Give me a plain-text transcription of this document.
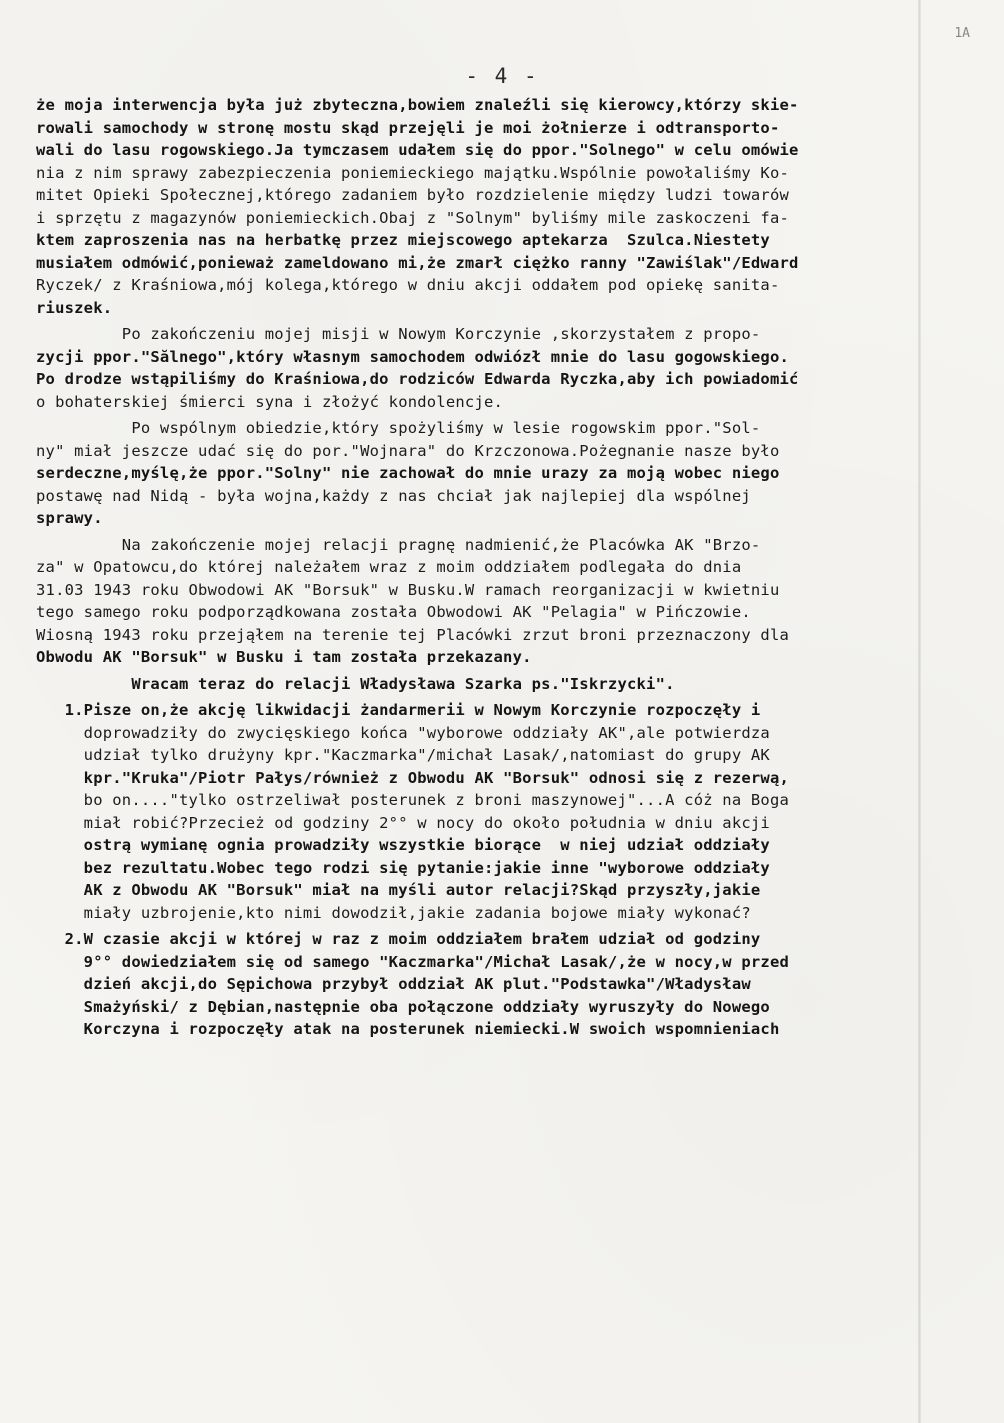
1A
- 4 -
że moja interwencja była już zbyteczna,bowiem znaleźli się kierowcy,którzy skie-
rowali samochody w stronę mostu skąd przejęli je moi żołnierze i odtransporto-
wali do lasu rogowskiego.Ja tymczasem udałem się do ppor."Solnego" w celu omówie
nia z nim sprawy zabezpieczenia poniemieckiego majątku.Wspólnie powołaliśmy Ko-
mitet Opieki Społecznej,którego zadaniem było rozdzielenie między ludzi towarów
i sprzętu z magazynów poniemieckich.Obaj z "Solnym" byliśmy mile zaskoczeni fa-
ktem zaproszenia nas na herbatkę przez miejscowego aptekarza  Szulca.Niestety
musiałem odmówić,ponieważ zameldowano mi,że zmarł ciężko ranny "Zawiślak"/Edward
Ryczek/ z Kraśniowa,mój kolega,którego w dniu akcji oddałem pod opiekę sanita-
riuszek.
Po zakończeniu mojej misji w Nowym Korczynie ,skorzystałem z propo-
zycji ppor."Sălnego",który własnym samochodem odwiózł mnie do lasu gogowskiego.
Po drodze wstąpiliśmy do Kraśniowa,do rodziców Edwarda Ryczka,aby ich powiadomić
o bohaterskiej śmierci syna i złożyć kondolencje.
Po wspólnym obiedzie,który spożyliśmy w lesie rogowskim ppor."Sol-
ny" miał jeszcze udać się do por."Wojnara" do Krzczonowa.Pożegnanie nasze było
serdeczne,myślę,że ppor."Solny" nie zachował do mnie urazy za moją wobec niego
postawę nad Nidą - była wojna,każdy z nas chciał jak najlepiej dla wspólnej
sprawy.
Na zakończenie mojej relacji pragnę nadmienić,że Placówka AK "Brzo-
za" w Opatowcu,do której należałem wraz z moim oddziałem podlegała do dnia
31.03 1943 roku Obwodowi AK "Borsuk" w Busku.W ramach reorganizacji w kwietniu
tego samego roku podporządkowana została Obwodowi AK "Pelagia" w Pińczowie.
Wiosną 1943 roku przejąłem na terenie tej Placówki zrzut broni przeznaczony dla
Obwodu AK "Borsuk" w Busku i tam została przekazany.
Wracam teraz do relacji Władysława Szarka ps."Iskrzycki".
1.Pisze on,że akcję likwidacji żandarmerii w Nowym Korczynie rozpoczęły i
doprowadziły do zwycięskiego końca "wyborowe oddziały AK",ale potwierdza
udział tylko drużyny kpr."Kaczmarka"/michał Lasak/,natomiast do grupy AK
kpr."Kruka"/Piotr Pałys/również z Obwodu AK "Borsuk" odnosi się z rezerwą,
bo on...."tylko ostrzeliwał posterunek z broni maszynowej"...A cóż na Boga
miał robić?Przecież od godziny 2°° w nocy do około południa w dniu akcji
ostrą wymianę ognia prowadziły wszystkie biorące  w niej udział oddziały
bez rezultatu.Wobec tego rodzi się pytanie:jakie inne "wyborowe oddziały
AK z Obwodu AK "Borsuk" miał na myśli autor relacji?Skąd przyszły,jakie
miały uzbrojenie,kto nimi dowodził,jakie zadania bojowe miały wykonać?
2.W czasie akcji w której w raz z moim oddziałem brałem udział od godziny
9°° dowiedziałem się od samego "Kaczmarka"/Michał Lasak/,że w nocy,w przed
dzień akcji,do Sępichowa przybył oddział AK plut."Podstawka"/Władysław
Smażyński/ z Dębian,następnie oba połączone oddziały wyruszyły do Nowego
Korczyna i rozpoczęły atak na posterunek niemiecki.W swoich wspomnieniach
